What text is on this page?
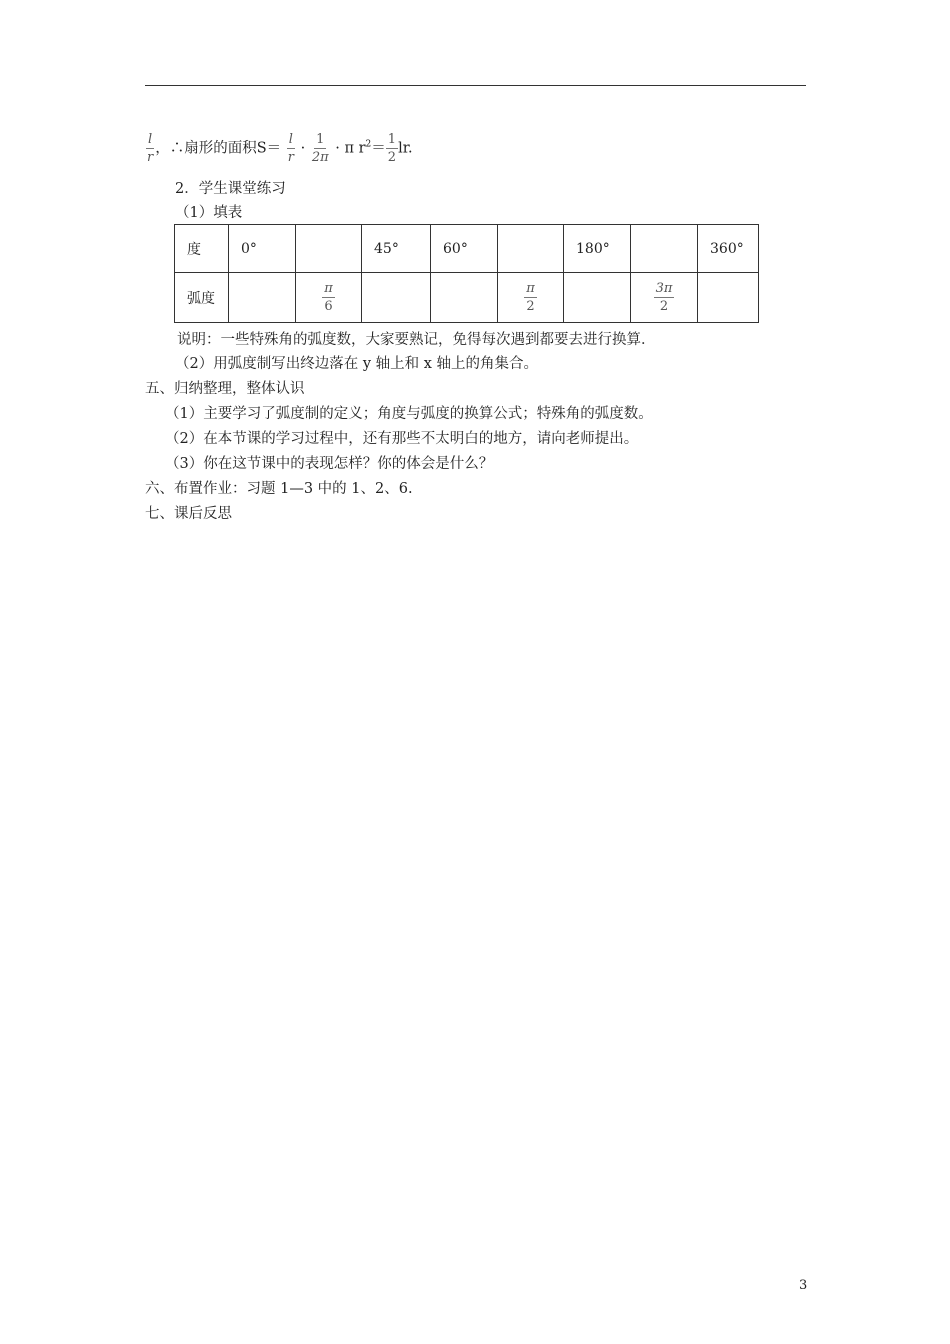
$\frac{l}{r}$ ，∴扇形的面积$S= \frac{l}{r} \cdot \frac{1}{2\pi} \cdot \pi$ $r^2= \frac{1}{2}$ lr.
2．学生课堂练习
（1）填表
度	0°		45°	60°		180°		360°
弧度		$\frac{\pi}{6}$			$\frac{\pi}{2}$		$\frac{3\pi}{2}$

说明：一些特殊角的弧度数，大家要熟记，免得每次遇到都要去进行换算．
（2）用弧度制写出终边落在 y 轴上和 x 轴上的角集合。
五、归纳整理，整体认识
（1）主要学习了弧度制的定义；角度与弧度的换算公式；特殊角的弧度数。
（2）在本节课的学习过程中，还有那些不太明白的地方，请向老师提出。
（3）你在这节课中的表现怎样？你的体会是什么？
六、布置作业：习题 1—3 中的 1、2、6.
七、课后反思
3
